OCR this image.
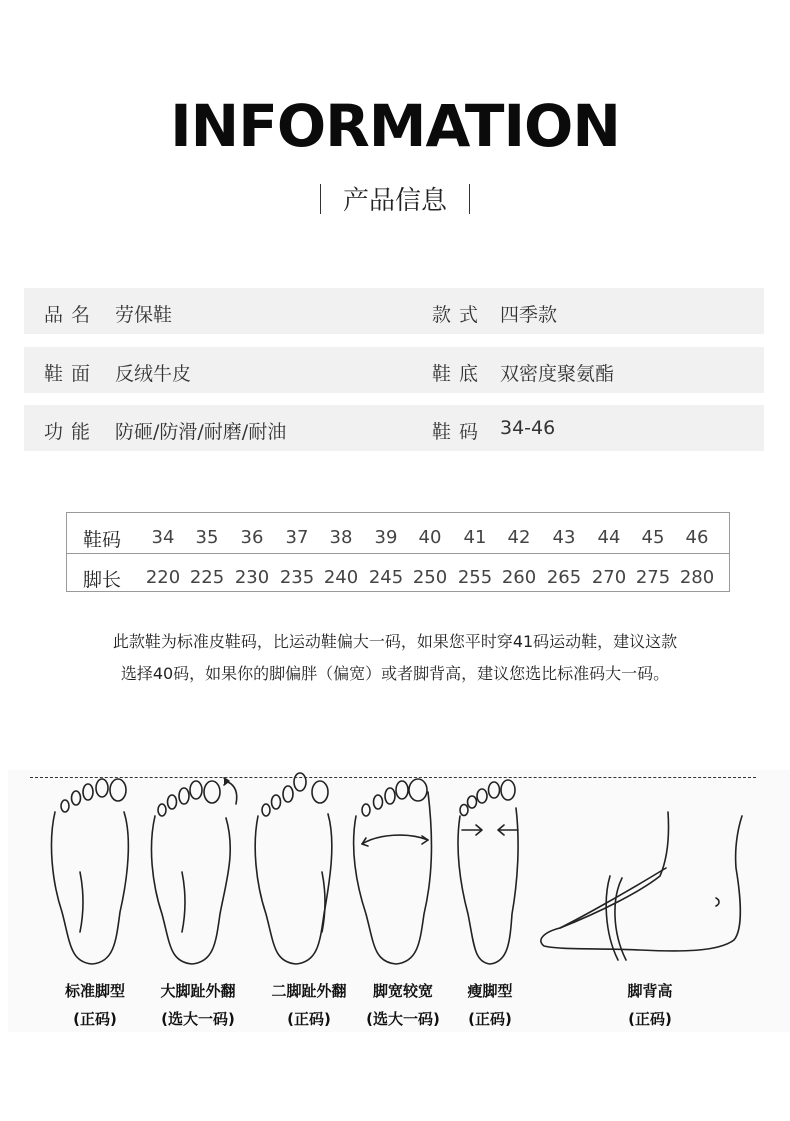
INFORMATION
产品信息
品名 劳保鞋	款式 四季款
鞋面 反绒牛皮	鞋底 双密度聚氨酯
功能 防砸/防滑/耐磨/耐油	鞋码 34-46
鞋码	34	35	36	37	38	39	40	41	42	43	44	45	46
脚长 220 225 230 235 240 245 250 255 260 265 270 275 280
此款鞋为标准皮鞋码，比运动鞋偏大一码，如果您平时穿41码运动鞋，建议这款
选择40码，如果你的脚偏胖（偏宽）或者脚背高，建议您选比标准码大一码。
标准脚型
(正码)
大脚趾外翻
(选大一码)
二脚趾外翻
(正码)
脚宽较宽
(选大一码)
瘦脚型
(正码)
脚背高
(正码)
